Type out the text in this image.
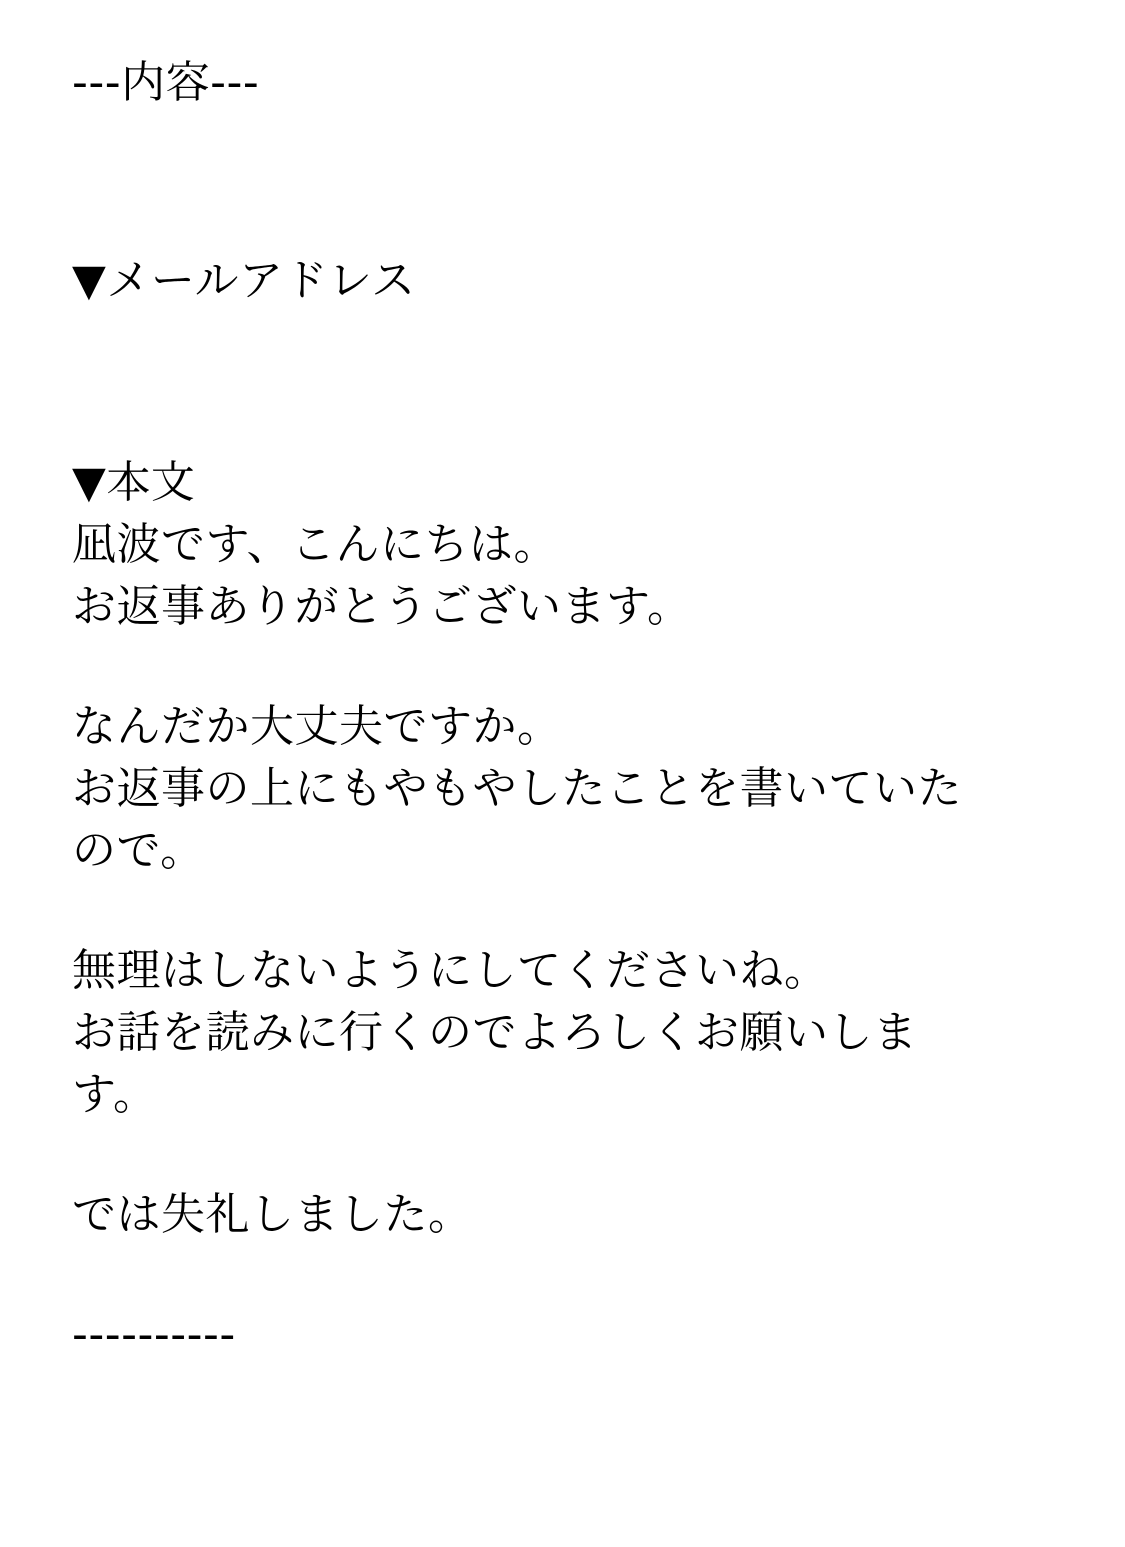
---内容---
▼メールアドレス
▼本文
凪波です、こんにちは。
お返事ありがとうございます。
なんだか大丈夫ですか。
お返事の上にもやもやしたことを書いていた
ので。
無理はしないようにしてくださいね。
お話を読みに行くのでよろしくお願いしま
す。
では失礼しました。
----------
